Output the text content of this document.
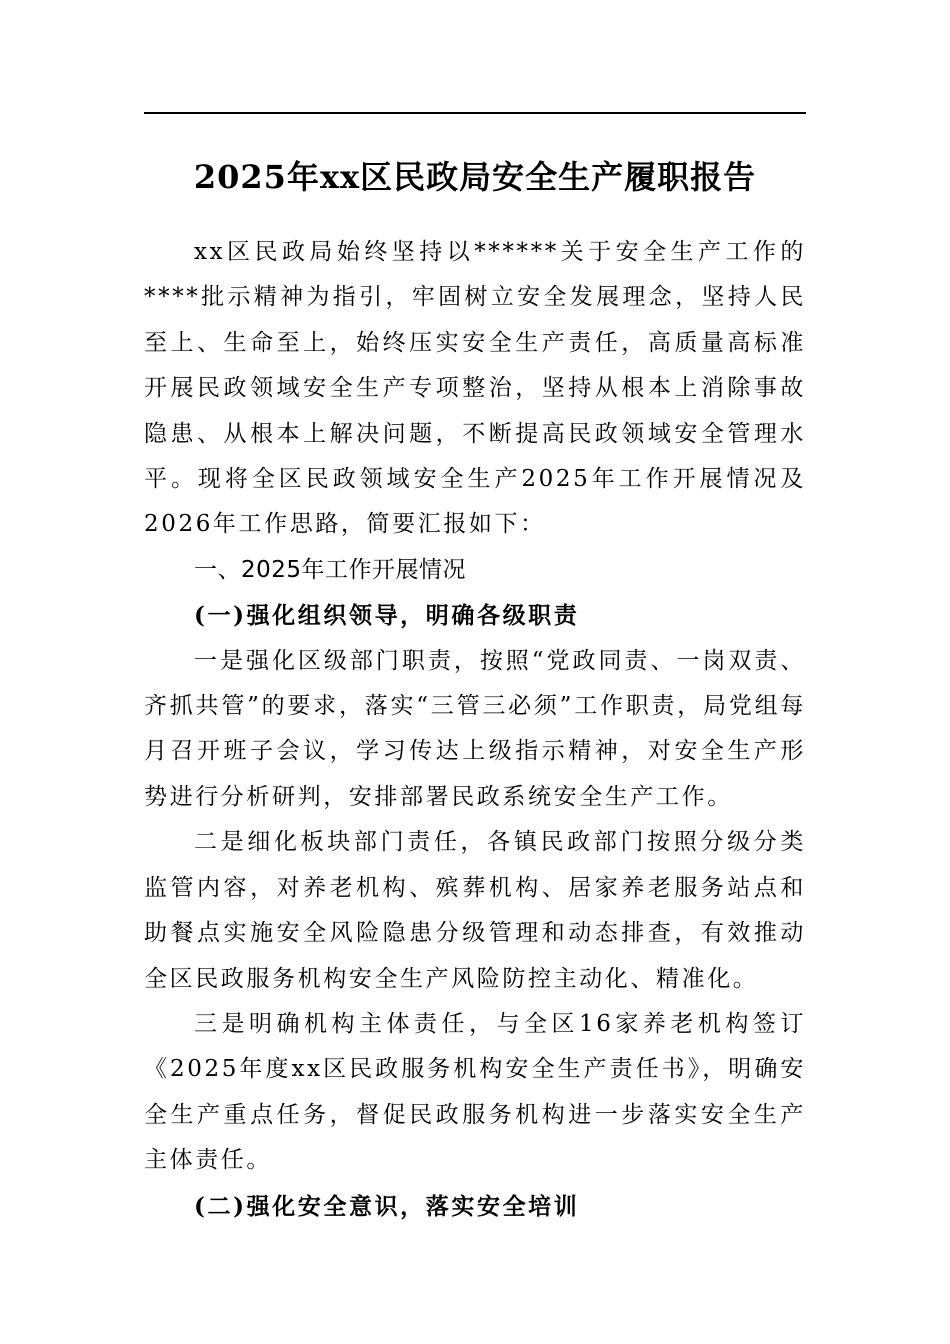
2025年xx区民政局安全生产履职报告

xx区民政局始终坚持以******关于安全生产工作的****批示精神为指引，牢固树立安全发展理念，坚持人民至上、生命至上，始终压实安全生产责任，高质量高标准开展民政领域安全生产专项整治，坚持从根本上消除事故隐患、从根本上解决问题，不断提高民政领域安全管理水平。现将全区民政领域安全生产2025年工作开展情况及2026年工作思路，简要汇报如下：

一、2025年工作开展情况

(一)强化组织领导，明确各级职责

一是强化区级部门职责，按照“党政同责、一岗双责、齐抓共管”的要求，落实“三管三必须”工作职责，局党组每月召开班子会议，学习传达上级指示精神，对安全生产形势进行分析研判，安排部署民政系统安全生产工作。

二是细化板块部门责任，各镇民政部门按照分级分类监管内容，对养老机构、殡葬机构、居家养老服务站点和助餐点实施安全风险隐患分级管理和动态排查，有效推动全区民政服务机构安全生产风险防控主动化、精准化。

三是明确机构主体责任，与全区16家养老机构签订《2025年度xx区民政服务机构安全生产责任书》，明确安全生产重点任务，督促民政服务机构进一步落实安全生产主体责任。

(二)强化安全意识，落实安全培训
